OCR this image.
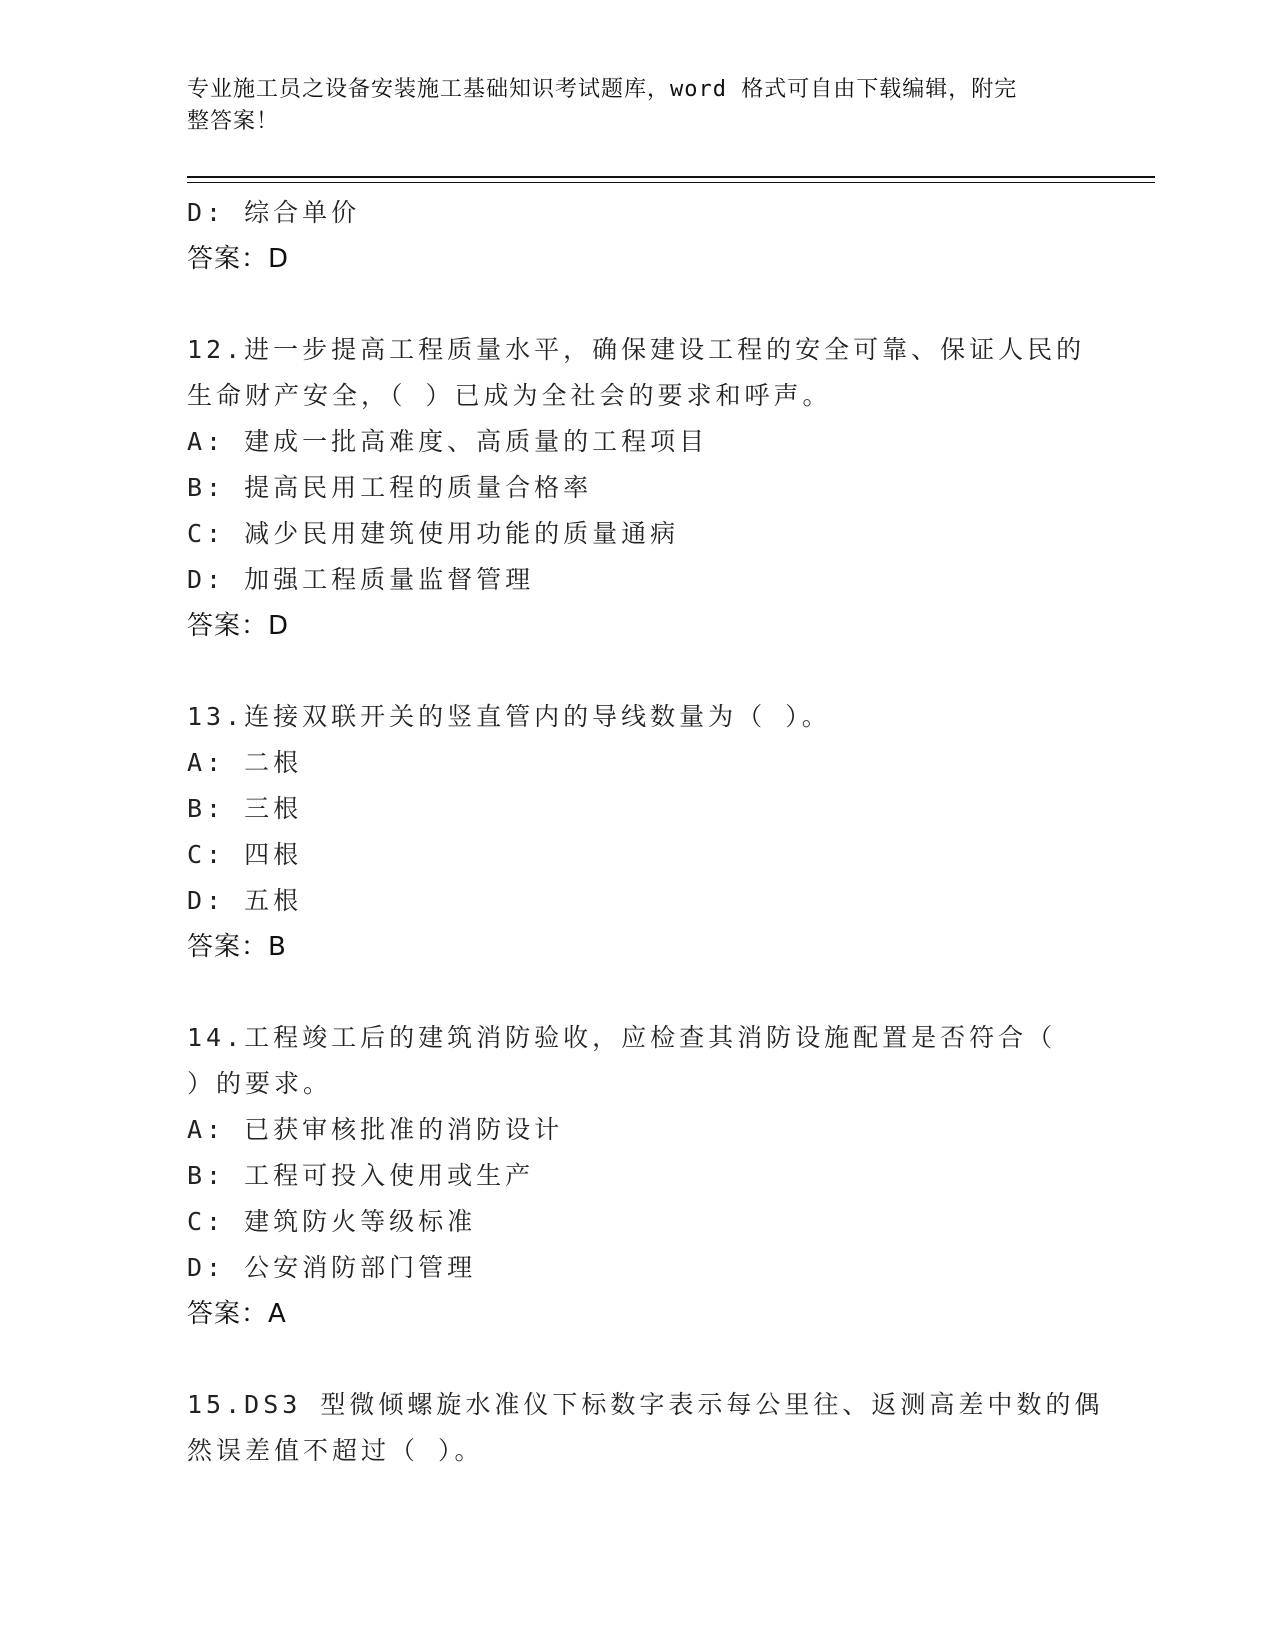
专业施工员之设备安装施工基础知识考试题库，word 格式可自由下载编辑，附完
整答案！
D: 综合单价
答案：D
12.进一步提高工程质量水平，确保建设工程的安全可靠、保证人民的
生命财产安全，（ ）已成为全社会的要求和呼声。
A: 建成一批高难度、高质量的工程项目
B: 提高民用工程的质量合格率
C: 减少民用建筑使用功能的质量通病
D: 加强工程质量监督管理
答案：D
13.连接双联开关的竖直管内的导线数量为（ ）。
A: 二根
B: 三根
C: 四根
D: 五根
答案：B
14.工程竣工后的建筑消防验收，应检查其消防设施配置是否符合（
）的要求。
A: 已获审核批准的消防设计
B: 工程可投入使用或生产
C: 建筑防火等级标准
D: 公安消防部门管理
答案：A
15.DS3 型微倾螺旋水准仪下标数字表示每公里往、返测高差中数的偶
然误差值不超过（ ）。
